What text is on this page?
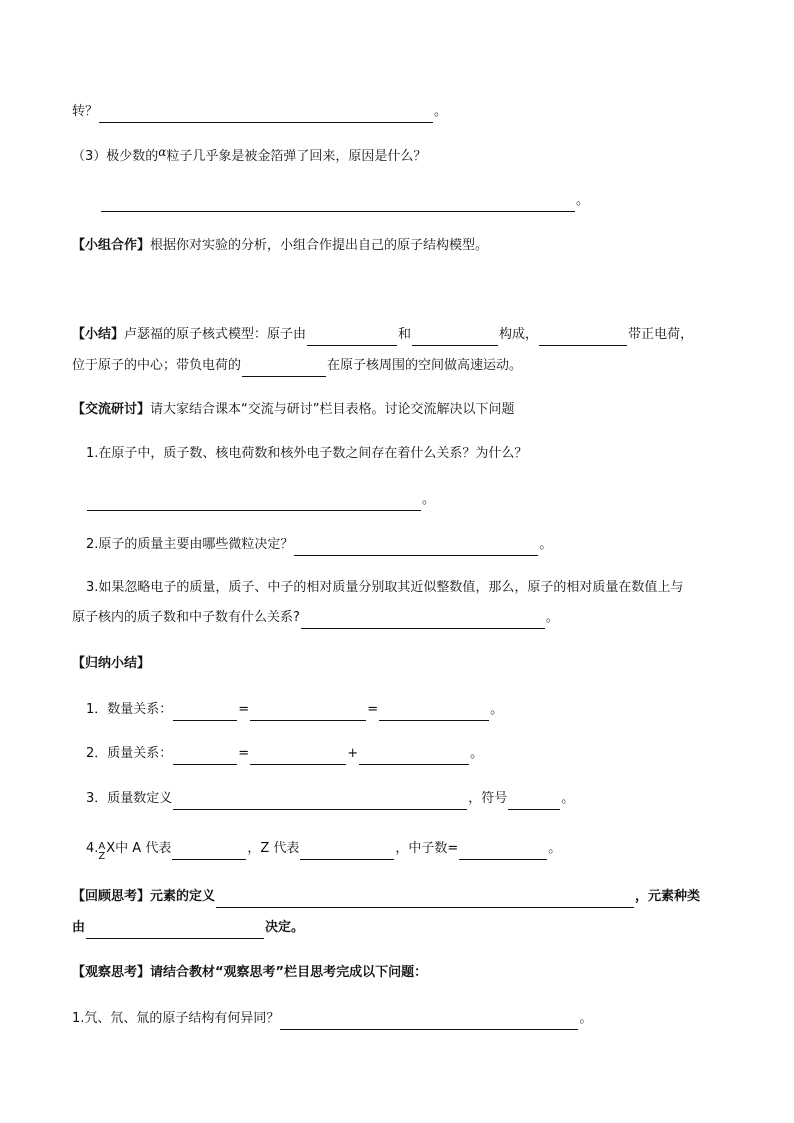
转？	。
（3）极少数的 α 粒子几乎象是被金箔弹了回来，原因是什么？
。
【小组合作】 根据你对实验的分析，小组合作提出自己的原子结构模型。
【小结】 卢瑟福的原子核式模型：原子由	和	构成，	带正电荷，
位于原子的中心；带负电荷的	在原子核周围的空间做高速运动。
【交流研讨】 请大家结合课本“交流与研讨”栏目表格。讨论交流解决以下问题
1.在原子中，质子数、核电荷数和核外电子数之间存在着什么关系？为什么？
。
2.原子的质量主要由哪些微粒决定？	。
3.如果忽略电子的质量，质子、中子的相对质量分别取其近似整数值，那么，原子的相对质量在数值上与
原子核内的质子数和中子数有什么关系?	。
【归纳小结】
1．数量关系：	=	=	。
2．质量关系：	=	+	。
3．质量数定义	，符号	。
4. A
Z
X 中 A 代表	，Z 代表	，中子数=	。
【回顾思考】 元素的定义	，元素种类
由	决定。
【观察思考】 请结合教材“观察思考”栏目思考完成以下问题：
1.氕、氘、氚的原子结构有何异同？	。
